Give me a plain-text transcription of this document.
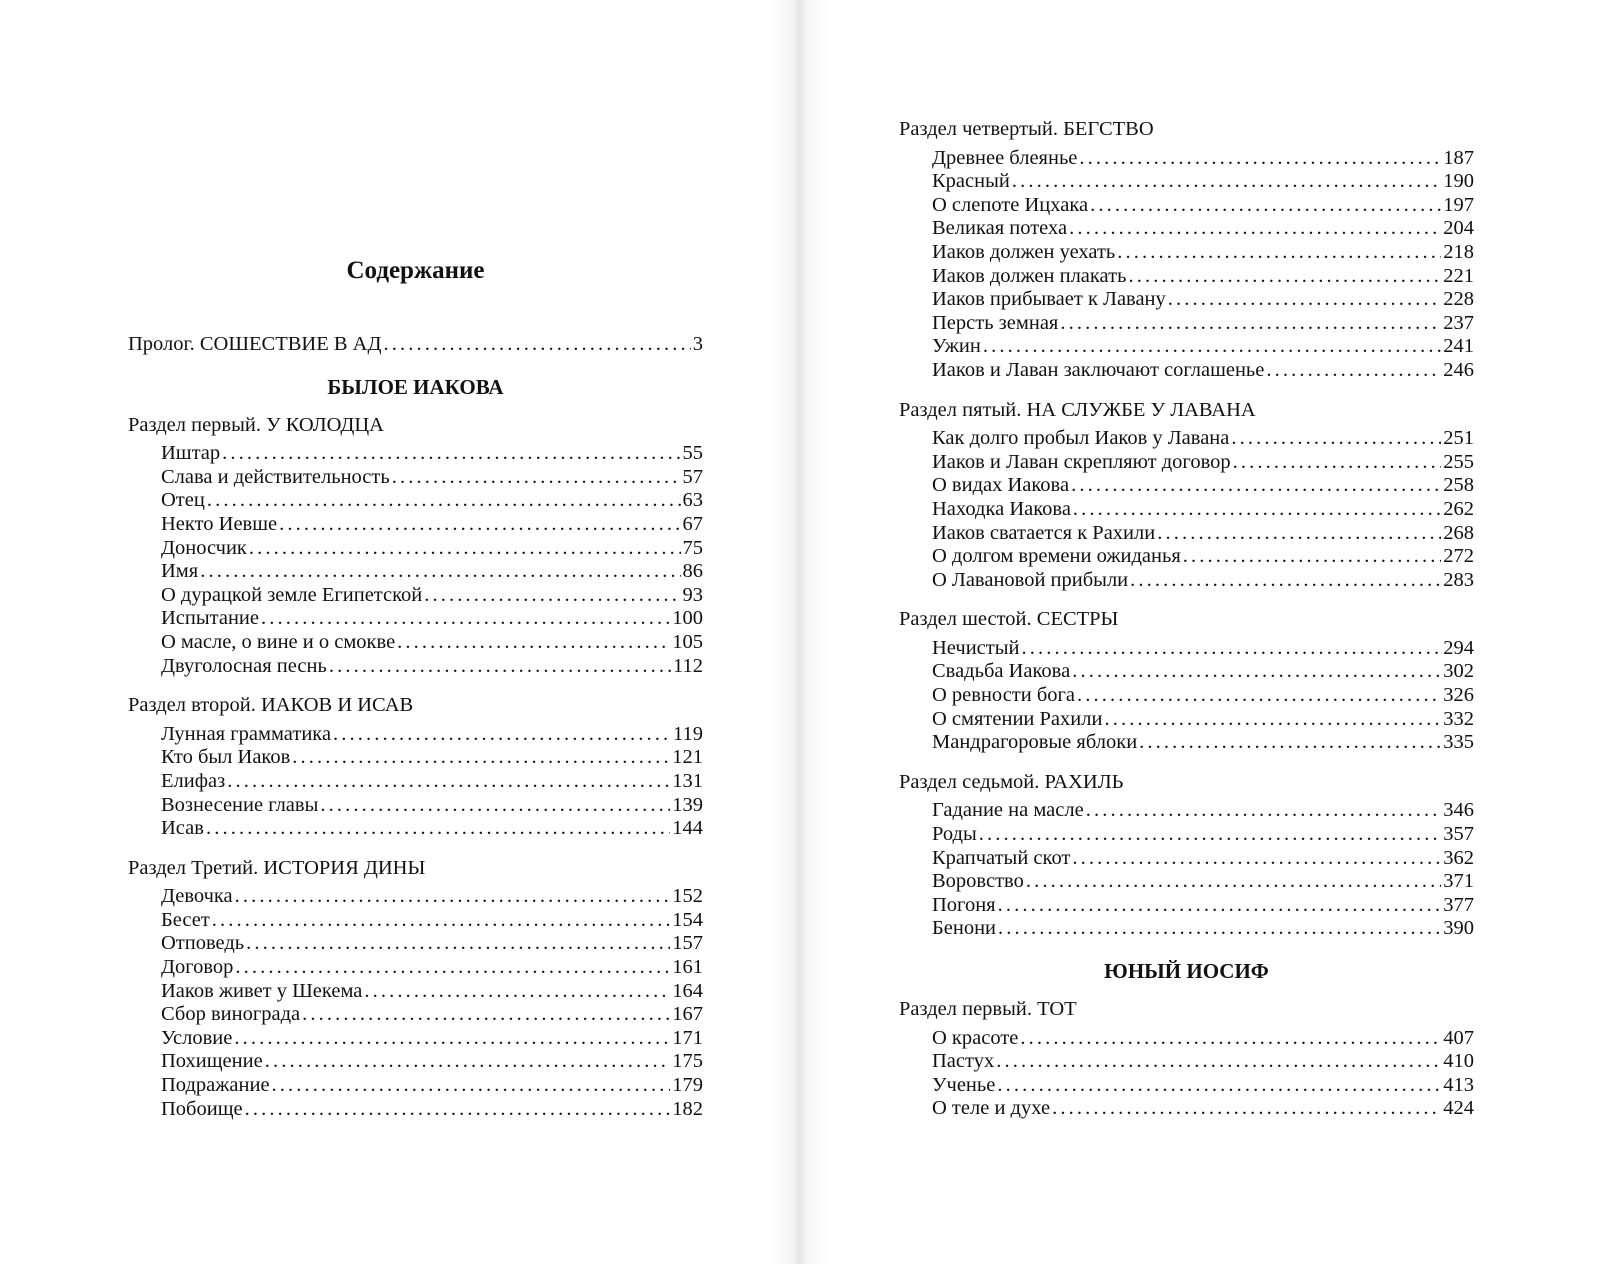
Содержание
Пролог. СОШЕСТВИЕ В АД . . .	3
БЫЛОЕ ИАКОВА
Раздел первый. У КОЛОДЦА
Иштар . . .	55
Слава и действительность . . .	57
Отец . . .	63
Некто Иевше . . .	67
Доносчик . . .	75
Имя . . .	86
О дурацкой земле Египетской . . .	93
Испытание . . .	100
О масле, о вине и о смокве . . .	105
Двуголосная песнь . . .	112
Раздел второй. ИАКОВ И ИСАВ
Лунная грамматика . . .	119
Кто был Иаков . . .	121
Елифаз . . .	131
Вознесение главы . . .	139
Исав . . .	144
Раздел Третий. ИСТОРИЯ ДИНЫ
Девочка . . .	152
Бесет . . .	154
Отповедь . . .	157
Договор . . .	161
Иаков живет у Шекема . . .	164
Сбор винограда . . .	167
Условие . . .	171
Похищение . . .	175
Подражание . . .	179
Побоище . . .	182
Раздел четвертый. БЕГСТВО
Древнее блеянье . . .	187
Красный . . .	190
О слепоте Ицхака . . .	197
Великая потеха . . .	204
Иаков должен уехать . . .	218
Иаков должен плакать . . .	221
Иаков прибывает к Лавану . . .	228
Персть земная . . .	237
Ужин . . .	241
Иаков и Лаван заключают соглашенье . . .	246
Раздел пятый. НА СЛУЖБЕ У ЛАВАНА
Как долго пробыл Иаков у Лавана . . .	251
Иаков и Лаван скрепляют договор . . .	255
О видах Иакова . . .	258
Находка Иакова . . .	262
Иаков сватается к Рахили . . .	268
О долгом времени ожиданья . . .	272
О Лавановой прибыли . . .	283
Раздел шестой. СЕСТРЫ
Нечистый . . .	294
Свадьба Иакова . . .	302
О ревности бога . . .	326
О смятении Рахили . . .	332
Мандрагоровые яблоки . . .	335
Раздел седьмой. РАХИЛЬ
Гадание на масле . . .	346
Роды . . .	357
Крапчатый скот . . .	362
Воровство . . .	371
Погоня . . .	377
Бенони . . .	390
ЮНЫЙ ИОСИФ
Раздел первый. ТОТ
О красоте . . .	407
Пастух . . .	410
Ученье . . .	413
О теле и духе . . .	424
